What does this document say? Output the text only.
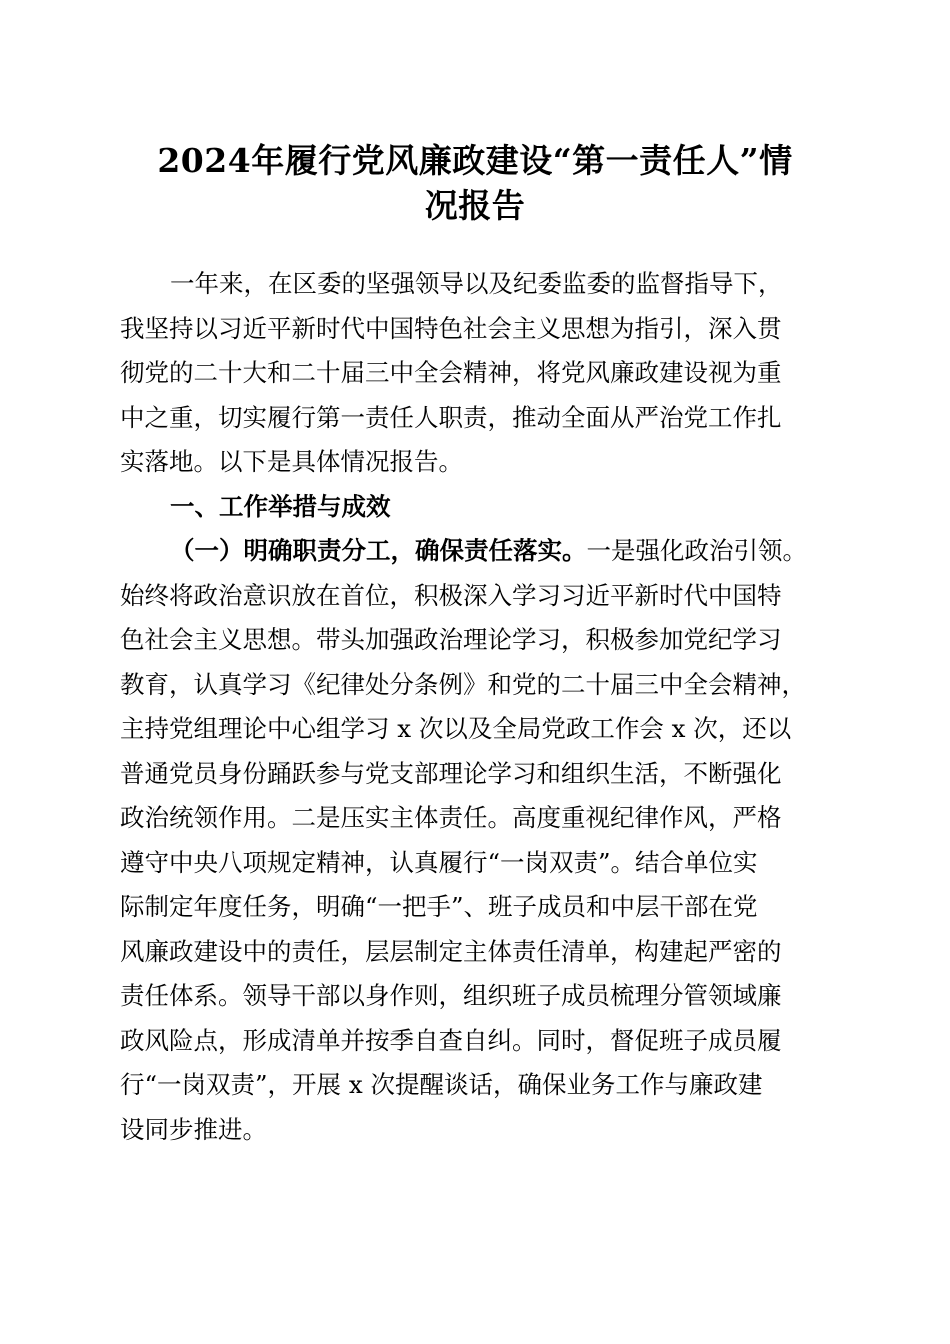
2024年履行党风廉政建设“第一责任人”情
况报告
一年来，在区委的坚强领导以及纪委监委的监督指导下，
我坚持以习近平新时代中国特色社会主义思想为指引，深入贯
彻党的二十大和二十届三中全会精神，将党风廉政建设视为重
中之重，切实履行第一责任人职责，推动全面从严治党工作扎
实落地。以下是具体情况报告。
一、工作举措与成效
（一）明确职责分工，确保责任落实。一是强化政治引领。
始终将政治意识放在首位，积极深入学习习近平新时代中国特
色社会主义思想。带头加强政治理论学习，积极参加党纪学习
教育，认真学习《纪律处分条例》和党的二十届三中全会精神，
主持党组理论中心组学习 x 次以及全局党政工作会 x 次，还以
普通党员身份踊跃参与党支部理论学习和组织生活，不断强化
政治统领作用。二是压实主体责任。高度重视纪律作风，严格
遵守中央八项规定精神，认真履行“一岗双责”。结合单位实
际制定年度任务，明确“一把手”、班子成员和中层干部在党
风廉政建设中的责任，层层制定主体责任清单，构建起严密的
责任体系。领导干部以身作则，组织班子成员梳理分管领域廉
政风险点，形成清单并按季自查自纠。同时，督促班子成员履
行“一岗双责”，开展 x 次提醒谈话，确保业务工作与廉政建
设同步推进。
